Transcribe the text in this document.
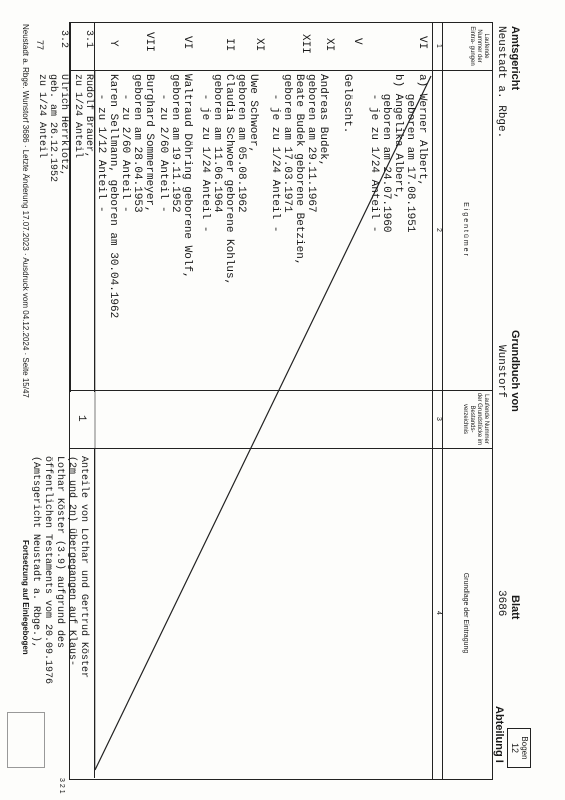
Amtsgericht
Neustadt a. Rbge.
Grundbuch von
Wunstorf
Blatt
3686
Bogen
12
Abteilung I
Laufende Nummer der Eintra- gungen
Eigentümer
Laufende Nummer der Grundstücke im Bestands- verzeichnis
Grundlage der Eintragung
1
2
3
4
VI
a) Werner Albert,
geboren am 17.08.1951
b) Angelika Albert,
geboren am 24.07.1960
- je zu 1/24 Anteil -
V
Gelöscht.
XI
Andreas Budek,
geboren am 29.11.1967
XII
Beate Budek geborene Betzien,
geboren am 17.03.1971
- je zu 1/24 Anteil -
XI
Uwe Schwoer,
geboren am 05.08.1962
II
Claudia Schwoer geborene Kohlus,
geboren am 11.06.1964
- je zu 1/24 Anteil -
VI
Waltraud Döhring geborene Wolf,
geboren am 19.11.1952
- zu 2/60 Anteil -
VII
Burghard Sommermeyer,
geboren am 28.04.1953
- zu 2/60 Anteil -
Y
Karen Sellmann, geboren am 30.04.1962
- zu 1/12 Anteil -
3.1
Rudolf Brauer,
zu 1/24 Anteil
3.2
Ulrich Herrklotz,
geb. am 26.12.1952
zu 1/24 Anteil
1
Anteile von Lothar und Gertrud Köster
(2m und 2n) übergegangen auf Klaus-
Lothar Köster (3.9) aufgrund des
öffentlichen Testaments vom 20.09.1976
(Amtsgericht Neustadt a. Rbge.),
3 2 1
77
Neustadt a. Rbge. Wunstorf 3686 · Letzte Änderung 17.07.2023 · Ausdruck vom 04.12.2024 · Seite 15/47
Fortsetzung auf Einlegebogen
